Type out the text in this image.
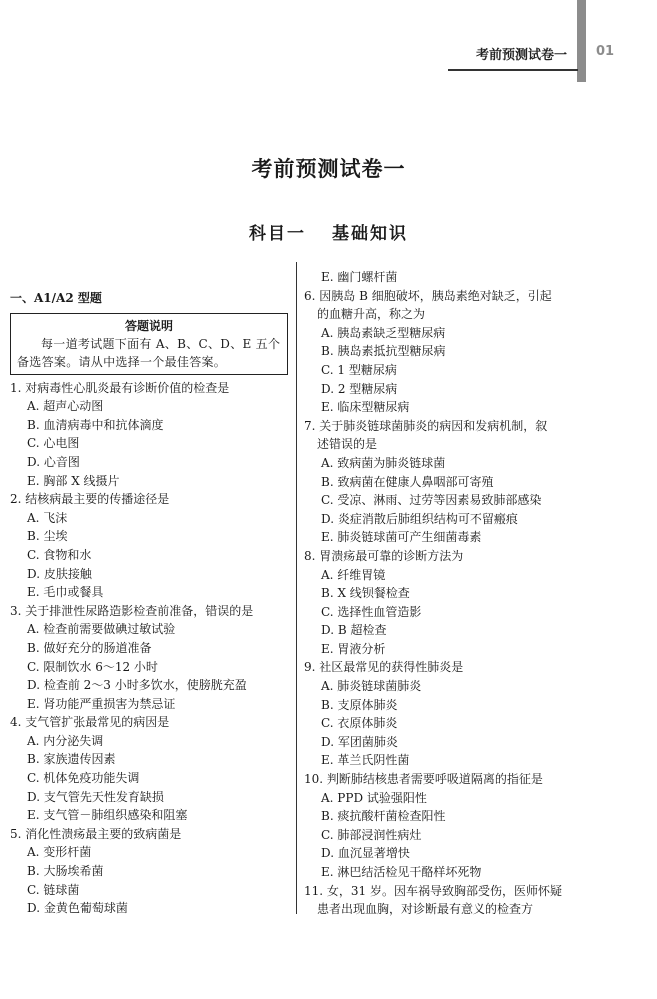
考前预测试卷一 01
考前预测试卷一
科目一 基础知识
一、A1/A2 型题
答题说明
每一道考试题下面有 A、B、C、D、E 五个备选答案。请从中选择一个最佳答案。
1. 对病毒性心肌炎最有诊断价值的检查是
A. 超声心动图
B. 血清病毒中和抗体滴度
C. 心电图
D. 心音图
E. 胸部 X 线摄片
2. 结核病最主要的传播途径是
A. 飞沫
B. 尘埃
C. 食物和水
D. 皮肤接触
E. 毛巾或餐具
3. 关于排泄性尿路造影检查前准备，错误的是
A. 检查前需要做碘过敏试验
B. 做好充分的肠道准备
C. 限制饮水 6～12 小时
D. 检查前 2～3 小时多饮水，使膀胱充盈
E. 肾功能严重损害为禁忌证
4. 支气管扩张最常见的病因是
A. 内分泌失调
B. 家族遗传因素
C. 机体免疫功能失调
D. 支气管先天性发育缺损
E. 支气管－肺组织感染和阻塞
5. 消化性溃疡最主要的致病菌是
A. 变形杆菌
B. 大肠埃希菌
C. 链球菌
D. 金黄色葡萄球菌
E. 幽门螺杆菌
6. 因胰岛 B 细胞破坏，胰岛素绝对缺乏，引起
的血糖升高，称之为
A. 胰岛素缺乏型糖尿病
B. 胰岛素抵抗型糖尿病
C. 1 型糖尿病
D. 2 型糖尿病
E. 临床型糖尿病
7. 关于肺炎链球菌肺炎的病因和发病机制，叙
述错误的是
A. 致病菌为肺炎链球菌
B. 致病菌在健康人鼻咽部可寄殖
C. 受凉、淋雨、过劳等因素易致肺部感染
D. 炎症消散后肺组织结构可不留瘢痕
E. 肺炎链球菌可产生细菌毒素
8. 胃溃疡最可靠的诊断方法为
A. 纤维胃镜
B. X 线钡餐检查
C. 选择性血管造影
D. B 超检查
E. 胃液分析
9. 社区最常见的获得性肺炎是
A. 肺炎链球菌肺炎
B. 支原体肺炎
C. 衣原体肺炎
D. 军团菌肺炎
E. 革兰氏阴性菌
10. 判断肺结核患者需要呼吸道隔离的指征是
A. PPD 试验强阳性
B. 痰抗酸杆菌检查阳性
C. 肺部浸润性病灶
D. 血沉显著增快
E. 淋巴结活检见干酪样坏死物
11. 女，31 岁。因车祸导致胸部受伤，医师怀疑
患者出现血胸，对诊断最有意义的检查方
